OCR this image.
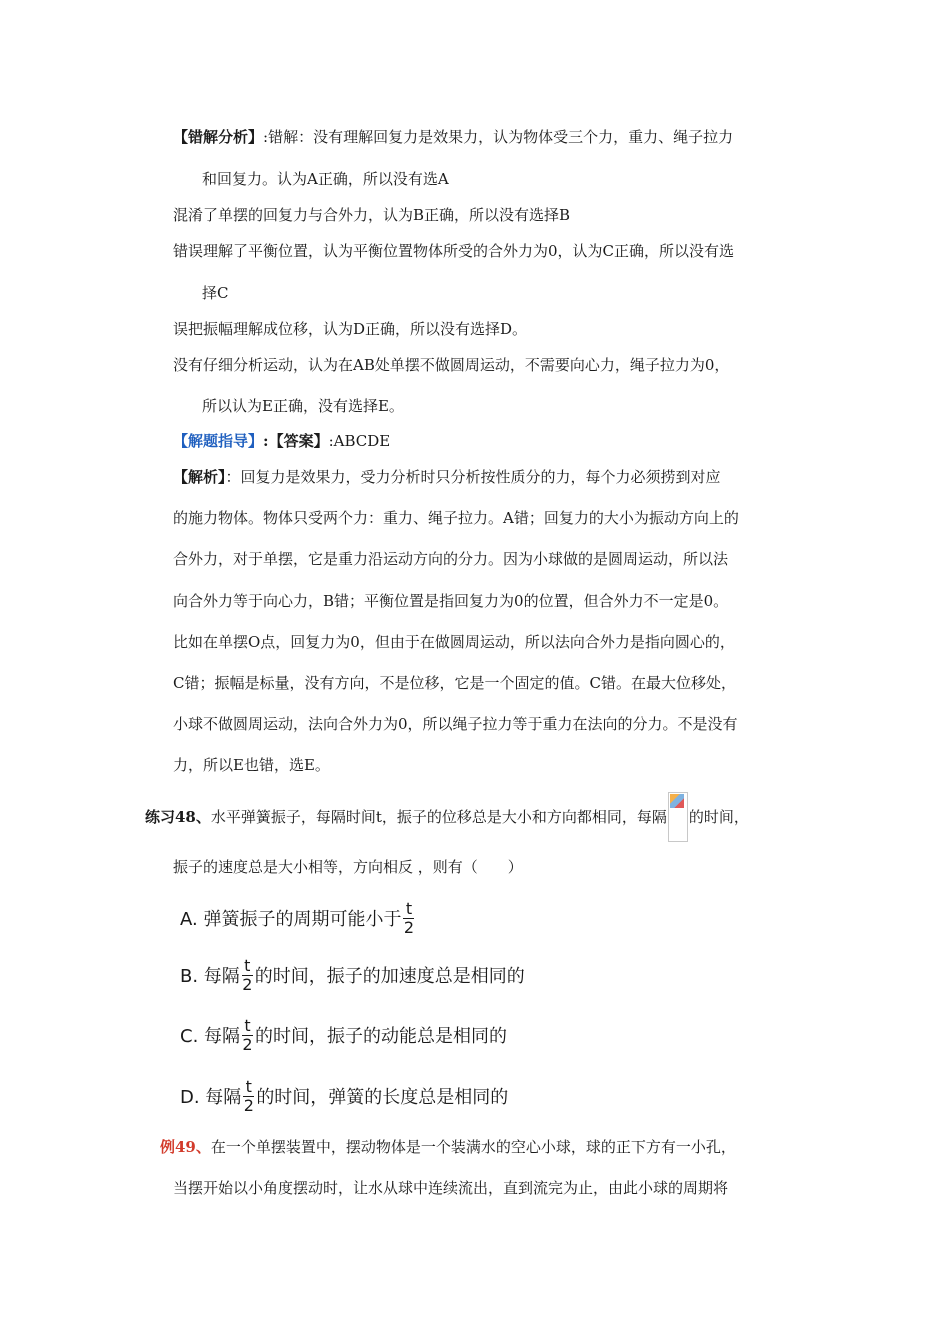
【错解分析】:错解：没有理解回复力是效果力，认为物体受三个力，重力、绳子拉力
和回复力。认为A正确，所以没有选A
混淆了单摆的回复力与合外力，认为B正确，所以没有选择B
错误理解了平衡位置，认为平衡位置物体所受的合外力为0，认为C正确，所以没有选
择C
误把振幅理解成位移，认为D正确，所以没有选择D。
没有仔细分析运动，认为在AB处单摆不做圆周运动，不需要向心力，绳子拉力为0，
所以认为E正确，没有选择E。
【解题指导】:【答案】:ABCDE
【解析】：回复力是效果力，受力分析时只分析按性质分的力，每个力必须捞到对应
的施力物体。物体只受两个力：重力、绳子拉力。A错；回复力的大小为振动方向上的
合外力，对于单摆，它是重力沿运动方向的分力。因为小球做的是圆周运动，所以法
向合外力等于向心力，B错；平衡位置是指回复力为0的位置，但合外力不一定是0。
比如在单摆O点，回复力为0，但由于在做圆周运动，所以法向合外力是指向圆心的，
C错；振幅是标量，没有方向，不是位移，它是一个固定的值。C错。在最大位移处，
小球不做圆周运动，法向合外力为0，所以绳子拉力等于重力在法向的分力。不是没有
力，所以E也错，选E。
练习48、 水平弹簧振子，每隔时间t，振子的位移总是大小和方向都相同，每隔 的时间，
振子的速度总是大小相等，方向相反 ，则有（　　）
A. 弹簧振子的周期可能小于 $\frac{t}{2}$
B. 每隔 $\frac{t}{2}$ 的时间，振子的加速度总是相同的
C. 每隔 $\frac{t}{2}$ 的时间，振子的动能总是相同的
D. 每隔 $\frac{t}{2}$ 的时间，弹簧的长度总是相同的
例49、在一个单摆装置中，摆动物体是一个装满水的空心小球，球的正下方有一小孔，
当摆开始以小角度摆动时，让水从球中连续流出，直到流完为止，由此小球的周期将
